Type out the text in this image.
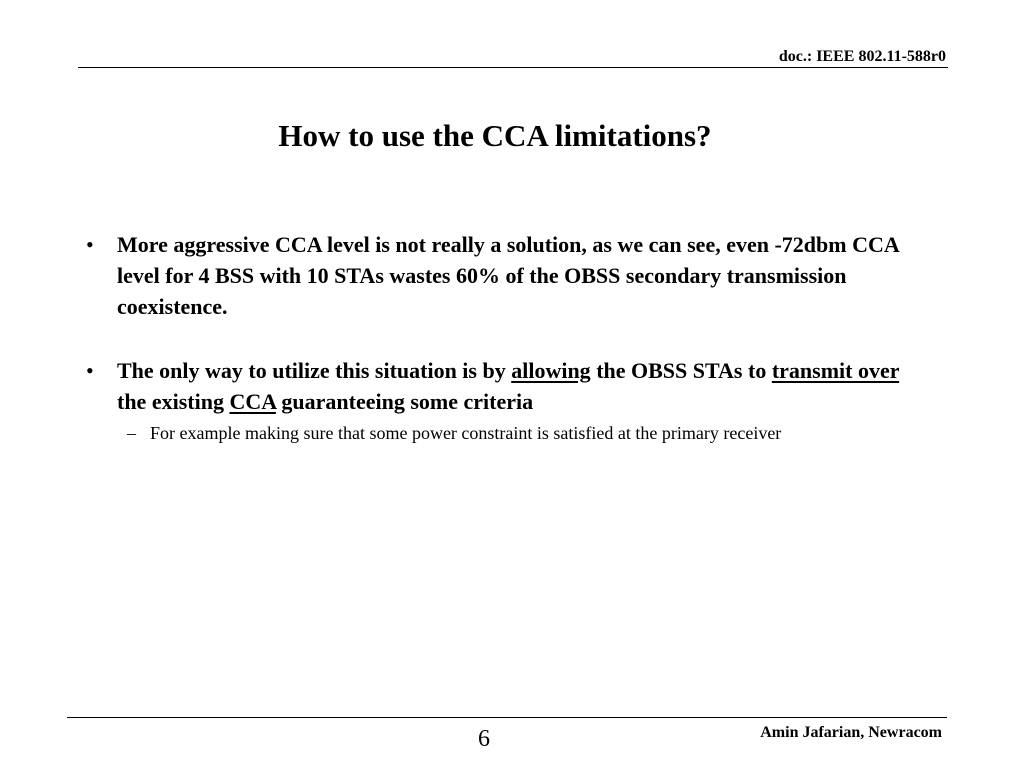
doc.: IEEE 802.11-588r0
How to use the CCA limitations?
• More aggressive CCA level is not really a solution, as we can see, even -72dbm CCA level for 4 BSS with 10 STAs wastes 60% of the OBSS secondary transmission coexistence.
• The only way to utilize this situation is by allowing the OBSS STAs to transmit over the existing CCA guaranteeing some criteria
– For example making sure that some power constraint is satisfied at the primary receiver
6	Amin Jafarian, Newracom
